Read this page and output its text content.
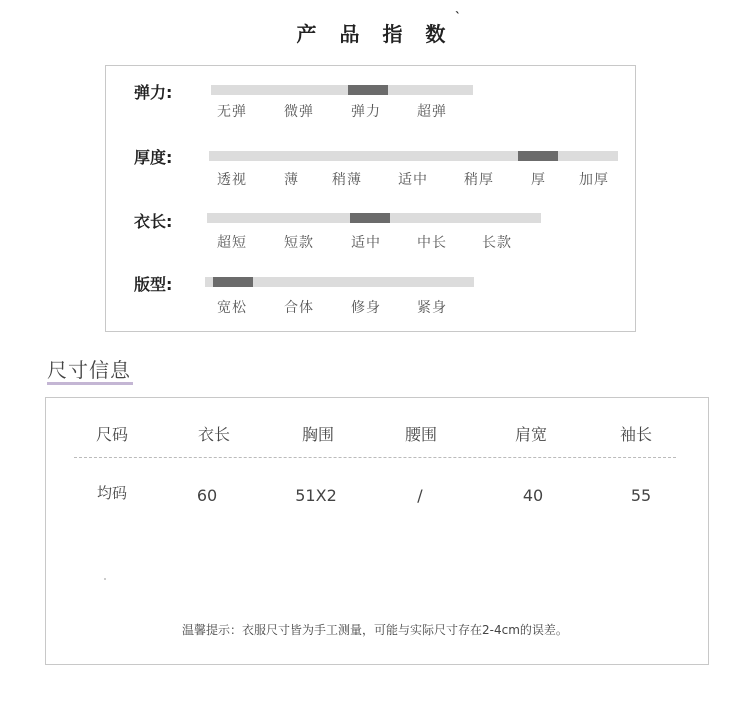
产 品 指 数
ˋ
弹力:
无弹	微弹	弹力	超弹
厚度:
透视	薄 稍薄	适中	稍厚	厚 加厚
衣长:
超短	短款	适中	中长	长款
版型:
宽松	合体	修身	紧身
尺寸信息
尺码	衣长	胸围	腰围	肩宽	袖长
均码	60	51X2	/	40	55
温馨提示：衣服尺寸皆为手工测量，可能与实际尺寸存在2-4cm的误差。
